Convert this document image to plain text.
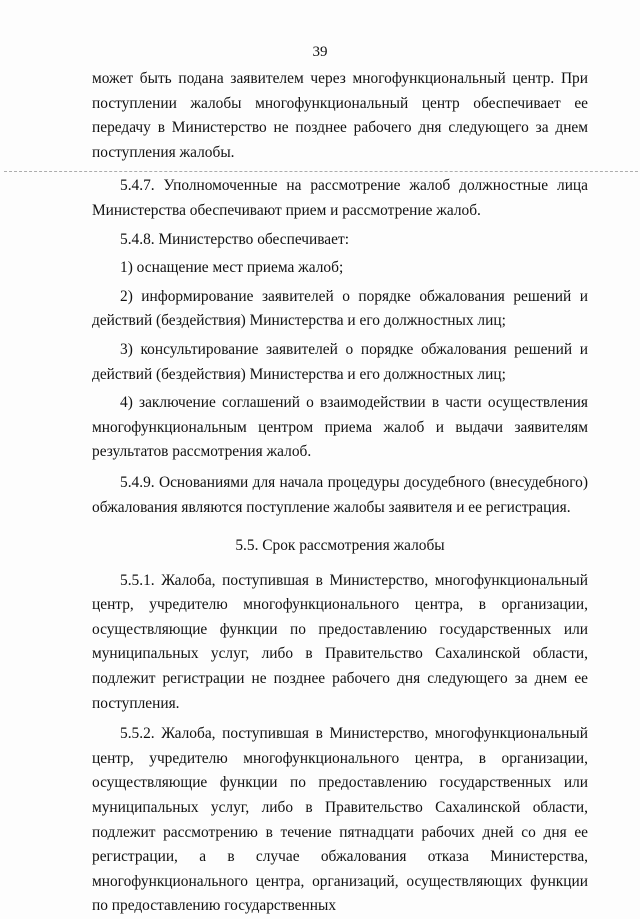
39

может быть подана заявителем через многофункциональный центр. При поступлении жалобы многофункциональный центр обеспечивает ее передачу в Министерство не позднее рабочего дня следующего за днем поступления жалобы.

5.4.7. Уполномоченные на рассмотрение жалоб должностные лица Министерства обеспечивают прием и рассмотрение жалоб.

5.4.8. Министерство обеспечивает:

1) оснащение мест приема жалоб;

2) информирование заявителей о порядке обжалования решений и действий (бездействия) Министерства и его должностных лиц;

3) консультирование заявителей о порядке обжалования решений и действий (бездействия) Министерства и его должностных лиц;

4) заключение соглашений о взаимодействии в части осуществления многофункциональным центром приема жалоб и выдачи заявителям результатов рассмотрения жалоб.

5.4.9. Основаниями для начала процедуры досудебного (внесудебного) обжалования являются поступление жалобы заявителя и ее регистрация.

5.5. Срок рассмотрения жалобы

5.5.1. Жалоба, поступившая в Министерство, многофункциональный центр, учредителю многофункционального центра, в организации, осуществляющие функции по предоставлению государственных или муниципальных услуг, либо в Правительство Сахалинской области, подлежит регистрации не позднее рабочего дня следующего за днем ее поступления.

5.5.2. Жалоба, поступившая в Министерство, многофункциональный центр, учредителю многофункционального центра, в организации, осуществляющие функции по предоставлению государственных или муниципальных услуг, либо в Правительство Сахалинской области, подлежит рассмотрению в течение пятнадцати рабочих дней со дня ее регистрации, а в случае обжалования отказа Министерства, многофункционального центра, организаций, осуществляющих функции по предоставлению государственных
